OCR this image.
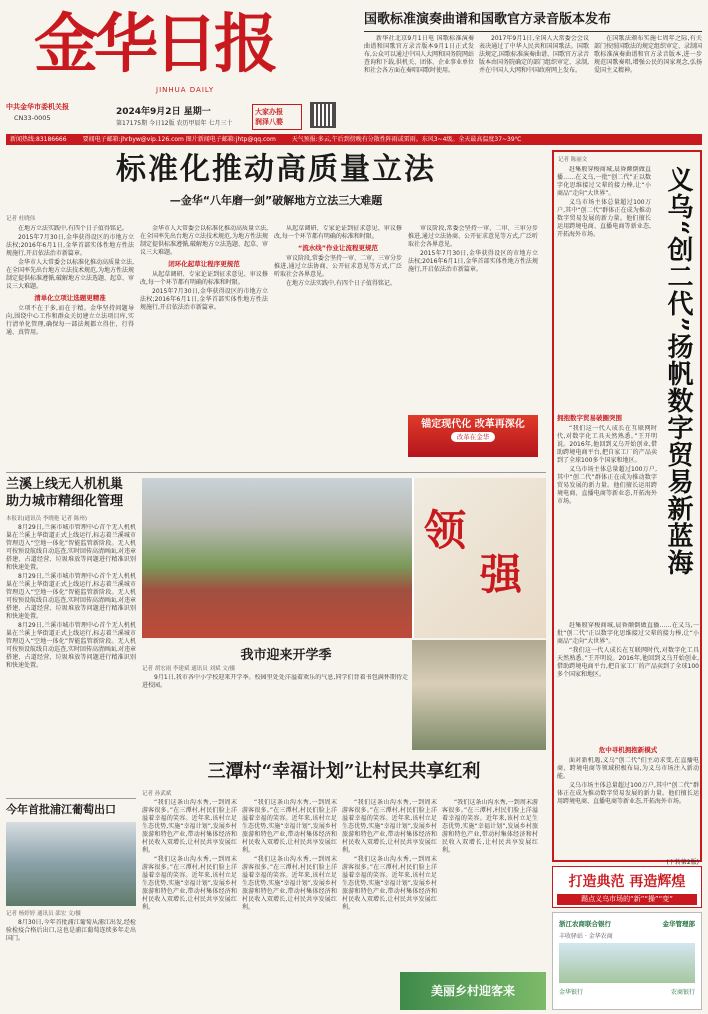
金华日报
JINHUA DAILY
中共金华市委机关报
CN33-0005
2024年9月2日 星期一
第17175期 今日12版 农历甲辰年 七月三十
大家办报
润泽八婺
国歌标准演奏曲谱和国歌官方录音版本发布

新华社北京9月1日电 国歌标准演奏曲谱和国歌官方录音版本9月1日正式发布,公众可以通过中国人大网和国务院网站查询和下载,供机关、团体、企业事业单位和社会各方面在奏唱国歌时使用。

2017年9月1日,全国人大常委会会议表决通过了中华人民共和国国歌法。国歌法规定,国歌标准演奏曲谱、国歌官方录音版本由国务院确定的部门组织审定、录制,并在中国人大网和中国政府网上发布。

在国歌法颁布实施七周年之际,有关部门按照国歌法的规定组织审定、录制国歌标准演奏曲谱和官方录音版本,进一步规范国歌奏唱,增强公民的国家观念,弘扬爱国主义精神。

新闻热线:83186666	要闻电子邮箱:jhrbyw@vip.126.com 图片新闻电子邮箱:jhtp@qq.com	天气预报:多云,午后到傍晚有分散性阵雨或雷雨。东风3~4级。全天最高温度37~39℃
标准化推动高质量立法
—金华“八年磨一剑”破解地方立法三大难题
记者 杜晓伟

在地方立法实践中,有四个日子值得铭记。

2015年7月30日,金华获得设区的市地方立法权;2016年6月1日,金华首部实体性地方性法规施行,开启依法治市新篇章。

金华市人大常委会以标准化推动高质量立法,在全国率先出台地方立法技术规范,为地方性法规制定提供标准遵循,破解地方立法选题、起草、审议三大难题。

清单化立项让选题更精准

立项不在于多,而在于精。金华坚持问题导向,围绕中心工作和群众关切建立立法项目库,实行清单化管理,确保每一部法规都立得住、行得通、真管用。

金华市人大常委会以标准化推动高质量立法,在全国率先出台地方立法技术规范,为地方性法规制定提供标准遵循,破解地方立法选题、起草、审议三大难题。

闭环化起草让程序更规范

从起草调研、专家论证到征求意见、审议修改,每一个环节都有明确的标准和时限。

2015年7月30日,金华获得设区的市地方立法权;2016年6月1日,金华首部实体性地方性法规施行,开启依法治市新篇章。

从起草调研、专家论证到征求意见、审议修改,每一个环节都有明确的标准和时限。

“流水线”作业让流程更规范

审议阶段,常委会坚持一审、二审、三审分步推进,通过立法协商、公开征求意见等方式,广泛听取社会各界意见。

在地方立法实践中,有四个日子值得铭记。

审议阶段,常委会坚持一审、二审、三审分步推进,通过立法协商、公开征求意见等方式,广泛听取社会各界意见。

2015年7月30日,金华获得设区的市地方立法权;2016年6月1日,金华首部实体性地方性法规施行,开启依法治市新篇章。

锚定现代化 改革再深化
改革在金华
兰溪上线无人机机巢
助力城市精细化管理
本报讯(通讯员 李晓艳 记者 陈州)

8月29日,兰溪市城市管理中心首个无人机机巢在兰溪上华街道正式上线运行,标志着兰溪城市管理迈入“空地一体化”智能监管新阶段。无人机可按预设航线自动巡查,实时回传高清画面,对违章搭建、占道经营、垃圾堆放等问题进行精准识别和快速处置。

8月29日,兰溪市城市管理中心首个无人机机巢在兰溪上华街道正式上线运行,标志着兰溪城市管理迈入“空地一体化”智能监管新阶段。无人机可按预设航线自动巡查,实时回传高清画面,对违章搭建、占道经营、垃圾堆放等问题进行精准识别和快速处置。

8月29日,兰溪市城市管理中心首个无人机机巢在兰溪上华街道正式上线运行,标志着兰溪城市管理迈入“空地一体化”智能监管新阶段。无人机可按预设航线自动巡查,实时回传高清画面,对违章搭建、占道经营、垃圾堆放等问题进行精准识别和快速处置。

领
强
我市迎来开学季
记者 胡宏雨 李建斌 通讯员 刘斌 文/摄

9月1日,我市各中小学校迎来开学季。校园里处处洋溢着欢乐的气息,同学们背着书包满怀期待走进校园。

三潭村“幸福计划”让村民共享红利
记者 孙武斌

“我们这条山沟水秀,一到周末游客很多。”在三潭村,村民们脸上洋溢着幸福的笑容。近年来,该村立足生态优势,实施“幸福计划”,发展乡村旅游和特色产业,带动村集体经济和村民收入双增长,让村民共享发展红利。

“我们这条山沟水秀,一到周末游客很多。”在三潭村,村民们脸上洋溢着幸福的笑容。近年来,该村立足生态优势,实施“幸福计划”,发展乡村旅游和特色产业,带动村集体经济和村民收入双增长,让村民共享发展红利。

“我们这条山沟水秀,一到周末游客很多。”在三潭村,村民们脸上洋溢着幸福的笑容。近年来,该村立足生态优势,实施“幸福计划”,发展乡村旅游和特色产业,带动村集体经济和村民收入双增长,让村民共享发展红利。

“我们这条山沟水秀,一到周末游客很多。”在三潭村,村民们脸上洋溢着幸福的笑容。近年来,该村立足生态优势,实施“幸福计划”,发展乡村旅游和特色产业,带动村集体经济和村民收入双增长,让村民共享发展红利。

“我们这条山沟水秀,一到周末游客很多。”在三潭村,村民们脸上洋溢着幸福的笑容。近年来,该村立足生态优势,实施“幸福计划”,发展乡村旅游和特色产业,带动村集体经济和村民收入双增长,让村民共享发展红利。

“我们这条山沟水秀,一到周末游客很多。”在三潭村,村民们脸上洋溢着幸福的笑容。近年来,该村立足生态优势,实施“幸福计划”,发展乡村旅游和特色产业,带动村集体经济和村民收入双增长,让村民共享发展红利。

“我们这条山沟水秀,一到周末游客很多。”在三潭村,村民们脸上洋溢着幸福的笑容。近年来,该村立足生态优势,实施“幸福计划”,发展乡村旅游和特色产业,带动村集体经济和村民收入双增长,让村民共享发展红利。

今年首批浦江葡萄出口
记者 杨婷婷 通讯员 邵宏 文/摄

8月30日,今年首批浦江葡萄从浦江出发,经检验检疫合格后出口,这也是浦江葡萄连续多年走出国门。

记者 陈丽文

赶集般穿梭商城,晨昏颠倒做直播……在义乌,一批“创二代”正以数字化思维接过父辈的接力棒,让“小商品”走向“大世界”。

义乌市场主体总量超过100万户,其中“创二代”群体正在成为推动数字贸易发展的新力量。他们擅长运用跨境电商、直播电商等新业态,开拓海外市场。	义乌“创二代”扬帆数字贸易新蓝海
拥抱数字贸易破圈突围

“我们这一代人成长在互联网时代,对数字化工具天然熟悉。”王开明说。2016年,他回到义乌开始创业,借助跨境电商平台,把自家工厂的产品卖到了全球100多个国家和地区。

义乌市场主体总量超过100万户,其中“创二代”群体正在成为推动数字贸易发展的新力量。他们擅长运用跨境电商、直播电商等新业态,开拓海外市场。

赶集般穿梭商城,晨昏颠倒做直播……在义乌,一批“创二代”正以数字化思维接过父辈的接力棒,让“小商品”走向“大世界”。

“我们这一代人成长在互联网时代,对数字化工具天然熟悉。”王开明说。2016年,他回到义乌开始创业,借助跨境电商平台,把自家工厂的产品卖到了全球100多个国家和地区。

危中寻机拥抱新模式

面对新机遇,义乌“创二代”们主动求变,在直播电商、跨境电商等领域积极布局,为义乌市场注入新动能。

义乌市场主体总量超过100万户,其中“创二代”群体正在成为推动数字贸易发展的新力量。他们擅长运用跨境电商、直播电商等新业态,开拓海外市场。

(下转第2版)
打造典范 再造辉煌
踢点义乌市场的“新”“操”“变”
浙江农商联合银行	金华管理部
丰收驿站 · 金华农商
金华银行	农商银行
美丽乡村迎客来
